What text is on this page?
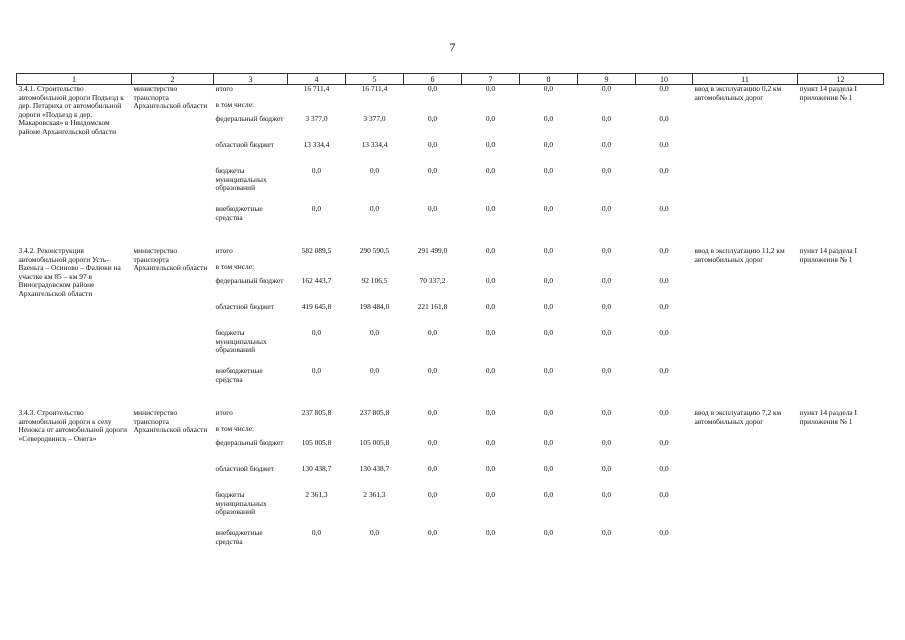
7
1	2	3	4	5	6	7	8	9	10	11	12
3.4.1. Строительство автомобильной дороги Подъезд к дер. Петариха от автомобильной дороги «Подъезд к дер. Макаровская» в Няндомском районе Архангельской области	министерство транспорта Архангельской области	итого	16 711,4	16 711,4	0,0	0,0	0,0	0,0	0,0	ввод в эксплуатацию 0,2 км автомобильных дорог	пункт 14 раздела I приложения № 1
		в том числе:									
		федеральный бюджет	3 377,0	3 377,0	0,0	0,0	0,0	0,0	0,0		
		областной бюджет	13 334,4	13 334,4	0,0	0,0	0,0	0,0	0,0		
		бюджеты муниципальных образований	0,0	0,0	0,0	0,0	0,0	0,0	0,0		
		внебюджетные средства	0,0	0,0	0,0	0,0	0,0	0,0	0,0		
3.4.2. Реконструкция автомобильной дороги Усть-Ваеньга – Осиново – Фалюки на участке км 85 – км 97 в Виноградовском районе Архангельской области	министерство транспорта Архангельской области	итого	582 089,5	290 590,5	291 499,0	0,0	0,0	0,0	0,0	ввод в эксплуатацию 11,2 км автомобильных дорог	пункт 14 раздела I приложения № 1
		в том числе:									
		федеральный бюджет	162 443,7	92 106,5	70 337,2	0,0	0,0	0,0	0,0		
		областной бюджет	419 645,8	198 484,0	221 161,8	0,0	0,0	0,0	0,0		
		бюджеты муниципальных образований	0,0	0,0	0,0	0,0	0,0	0,0	0,0		
		внебюджетные средства	0,0	0,0	0,0	0,0	0,0	0,0	0,0		
3.4.3. Строительство автомобильной дороги к селу Ненокса от автомобильной дороги «Северодвинск – Онега»	министерство транспорта Архангельской области	итого	237 805,8	237 805,8	0,0	0,0	0,0	0,0	0,0	ввод в эксплуатацию 7,2 км автомобильных дорог	пункт 14 раздела I приложения № 1
		в том числе:									
		федеральный бюджет	105 005,8	105 005,8	0,0	0,0	0,0	0,0	0,0		
		областной бюджет	130 438,7	130 438,7	0,0	0,0	0,0	0,0	0,0		
		бюджеты муниципальных образований	2 361,3	2 361,3	0,0	0,0	0,0	0,0	0,0		
		внебюджетные средства	0,0	0,0	0,0	0,0	0,0	0,0	0,0		
